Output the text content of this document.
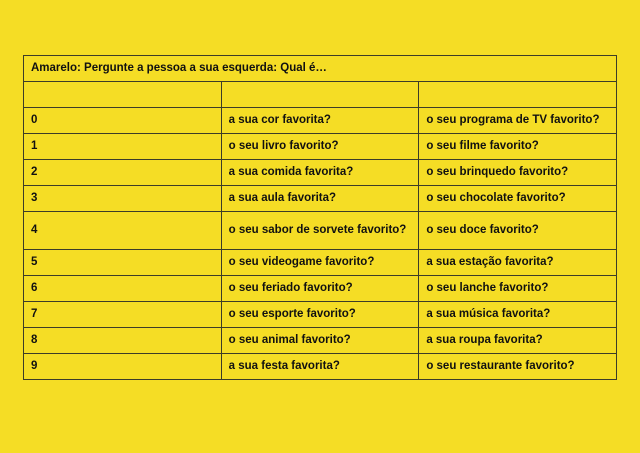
Amarelo: Pergunte a pessoa a sua esquerda: Qual é…		

0	a sua cor favorita?	o seu programa de TV favorito?
1	o seu livro favorito?	o seu filme favorito?
2	a sua comida favorita?	o seu brinquedo favorito?
3	a sua aula favorita?	o seu chocolate favorito?
4	o seu sabor de sorvete favorito?	o seu doce favorito?
5	o seu videogame favorito?	a sua estação favorita?
6	o seu feriado favorito?	o seu lanche favorito?
7	o seu esporte favorito?	a sua música favorita?
8	o seu animal favorito?	a sua roupa favorita?
9	a sua festa favorita?	o seu restaurante favorito?
